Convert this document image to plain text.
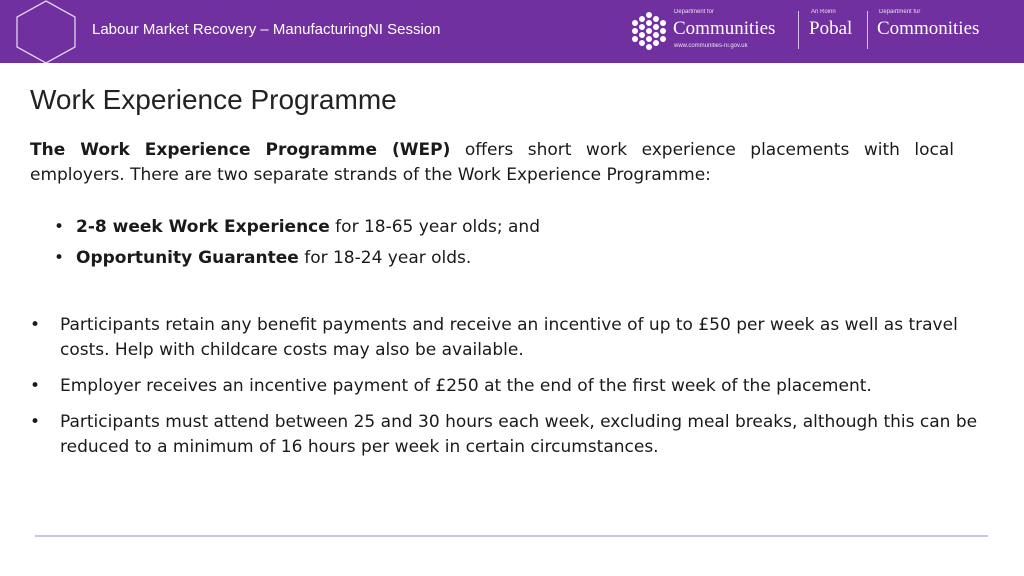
Labour Market Recovery – ManufacturingNI Session
Department for
Communities
www.communities-ni.gov.uk
An Roinn
Pobal
Depairtment fur
Commonities
Work Experience Programme

The Work Experience Programme (WEP) offers short work experience placements with local employers. There are two separate strands of the Work Experience Programme:

• 2-8 week Work Experience for 18-65 year olds; and
• Opportunity Guarantee for 18-24 year olds.
• Participants retain any benefit payments and receive an incentive of up to £50 per week as well as travel costs. Help with childcare costs may also be available.
• Employer receives an incentive payment of £250 at the end of the first week of the placement.
• Participants must attend between 25 and 30 hours each week, excluding meal breaks, although this can be reduced to a minimum of 16 hours per week in certain circumstances.
